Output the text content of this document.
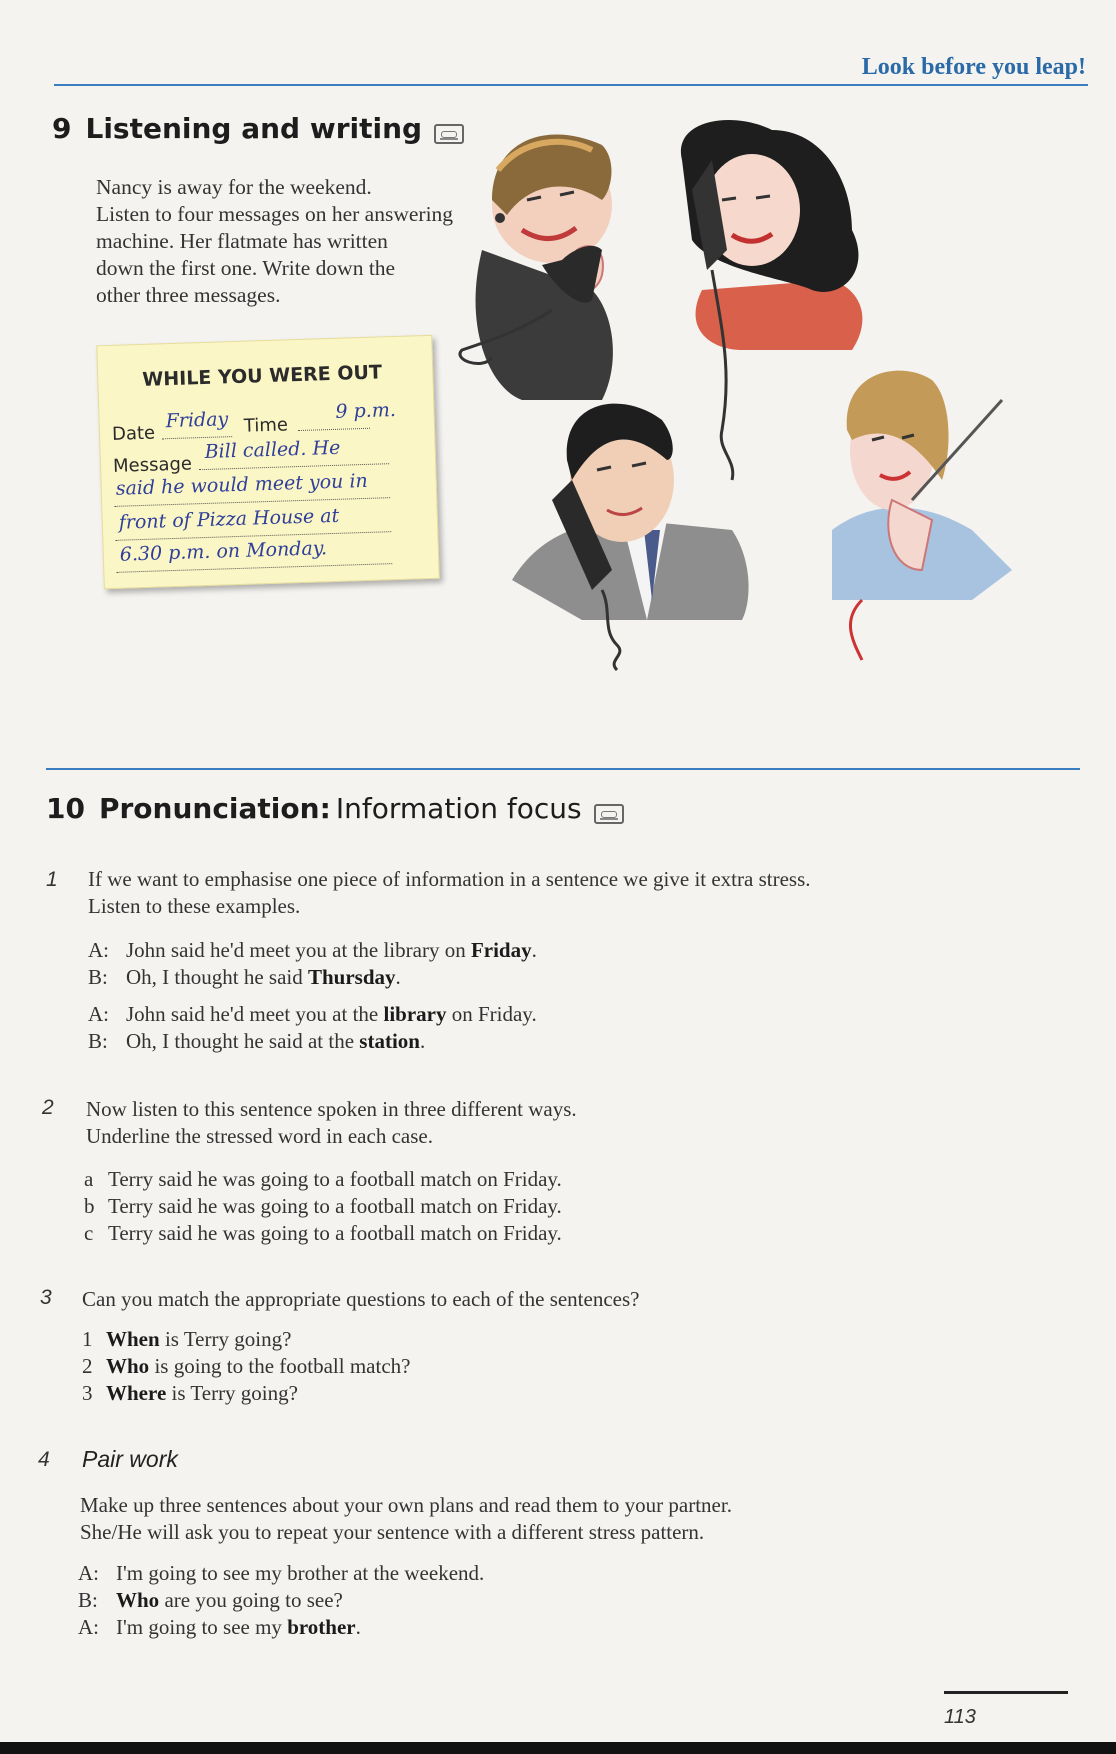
Look before you leap!
9 Listening and writing
Nancy is away for the weekend.
Listen to four messages on her answering
machine. Her flatmate has written
down the first one. Write down the
other three messages.
WHILE YOU WERE OUT
Date
Friday Time
9 p.m.
Message
Bill called. He
said he would meet you in
front of Pizza House at
6.30 p.m. on Monday.
10 Pronunciation: Information focus
1 If we want to emphasise one piece of information in a sentence we give it extra stress.
Listen to these examples.
A: John said he'd meet you at the library on Friday.
B: Oh, I thought he said Thursday.
A: John said he'd meet you at the library on Friday.
B: Oh, I thought he said at the station.
2 Now listen to this sentence spoken in three different ways.
Underline the stressed word in each case.
a Terry said he was going to a football match on Friday.
b Terry said he was going to a football match on Friday.
c Terry said he was going to a football match on Friday.
3 Can you match the appropriate questions to each of the sentences?
1 When is Terry going?
2 Who is going to the football match?
3 Where is Terry going?
4 Pair work
Make up three sentences about your own plans and read them to your partner.
She/He will ask you to repeat your sentence with a different stress pattern.
A: I'm going to see my brother at the weekend.
B: Who are you going to see?
A: I'm going to see my brother.
113
